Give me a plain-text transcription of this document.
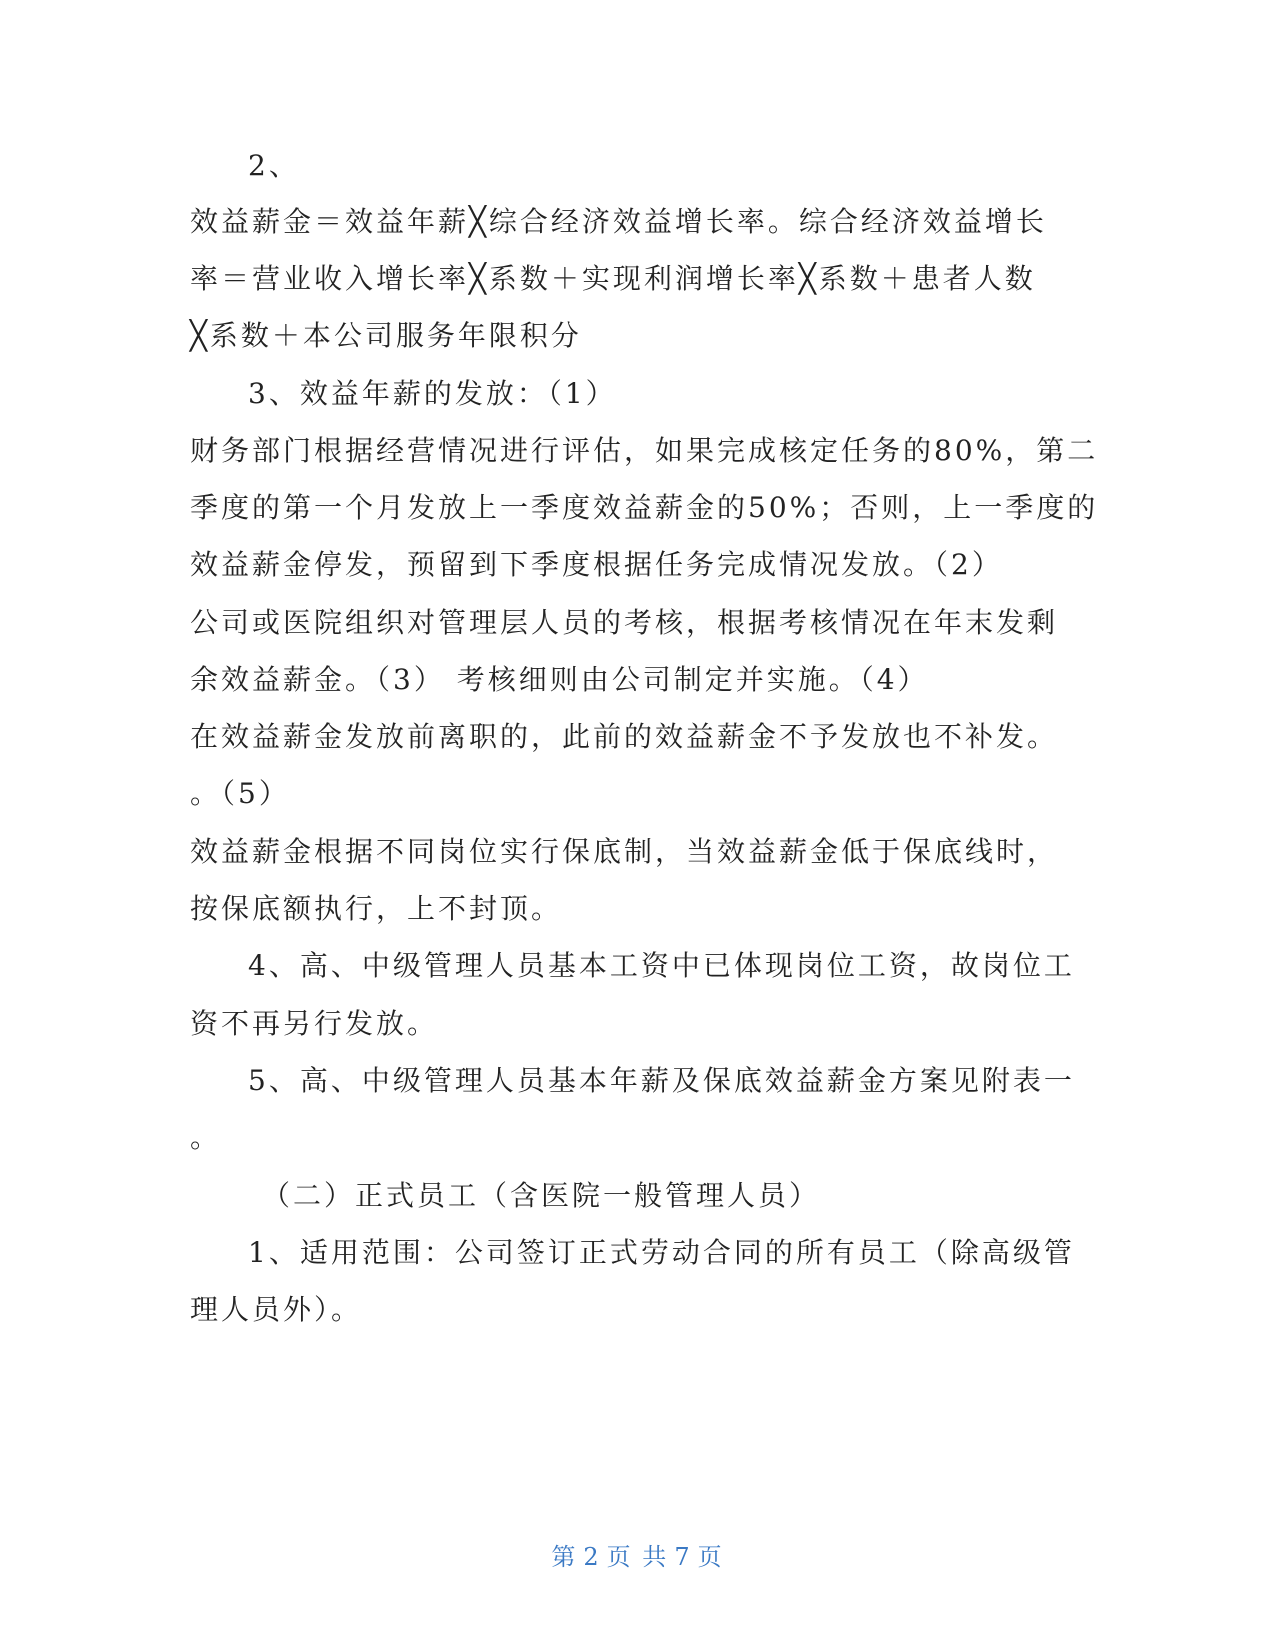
2、
效益薪金＝效益年薪╳综合经济效益增长率。综合经济效益增长
率＝营业收入增长率╳系数＋实现利润增长率╳系数＋患者人数
╳系数＋本公司服务年限积分
3、效益年薪的发放：（1）
财务部门根据经营情况进行评估，如果完成核定任务的80%，第二
季度的第一个月发放上一季度效益薪金的50%；否则，上一季度的
效益薪金停发，预留到下季度根据任务完成情况发放。（2）
公司或医院组织对管理层人员的考核，根据考核情况在年末发剩
余效益薪金。（3） 考核细则由公司制定并实施。（4）
在效益薪金发放前离职的，此前的效益薪金不予发放也不补发。
。（5）
效益薪金根据不同岗位实行保底制，当效益薪金低于保底线时，
按保底额执行，上不封顶。
4、高、中级管理人员基本工资中已体现岗位工资，故岗位工
资不再另行发放。
5、高、中级管理人员基本年薪及保底效益薪金方案见附表一
。
（二）正式员工（含医院一般管理人员）
1、适用范围：公司签订正式劳动合同的所有员工（除高级管
理人员外）。
第 2 页 共 7 页
